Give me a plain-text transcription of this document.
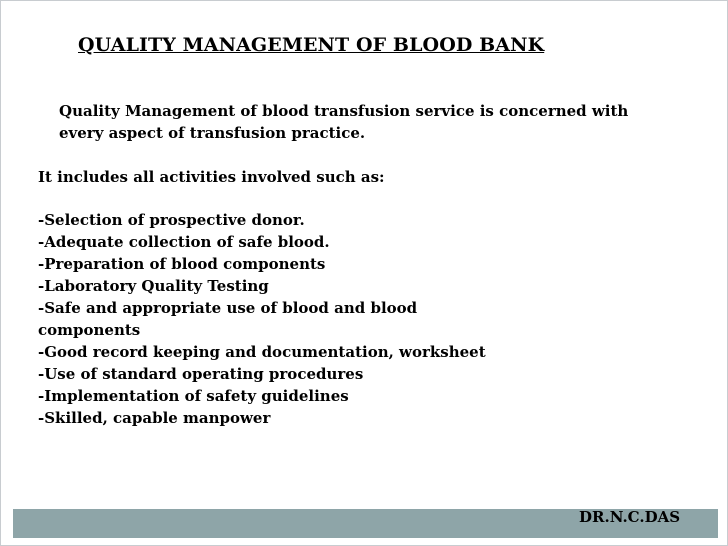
QUALITY MANAGEMENT OF BLOOD BANK
Quality Management of blood transfusion service is concerned with
every aspect of transfusion practice.
It includes all activities involved such as:
-Selection of prospective donor.
-Adequate collection of safe blood.
-Preparation of blood components
-Laboratory Quality Testing
-Safe and appropriate use of blood and blood
components
-Good record keeping and documentation, worksheet
-Use of standard operating procedures
-Implementation of safety guidelines
-Skilled, capable manpower
DR.N.C.DAS
